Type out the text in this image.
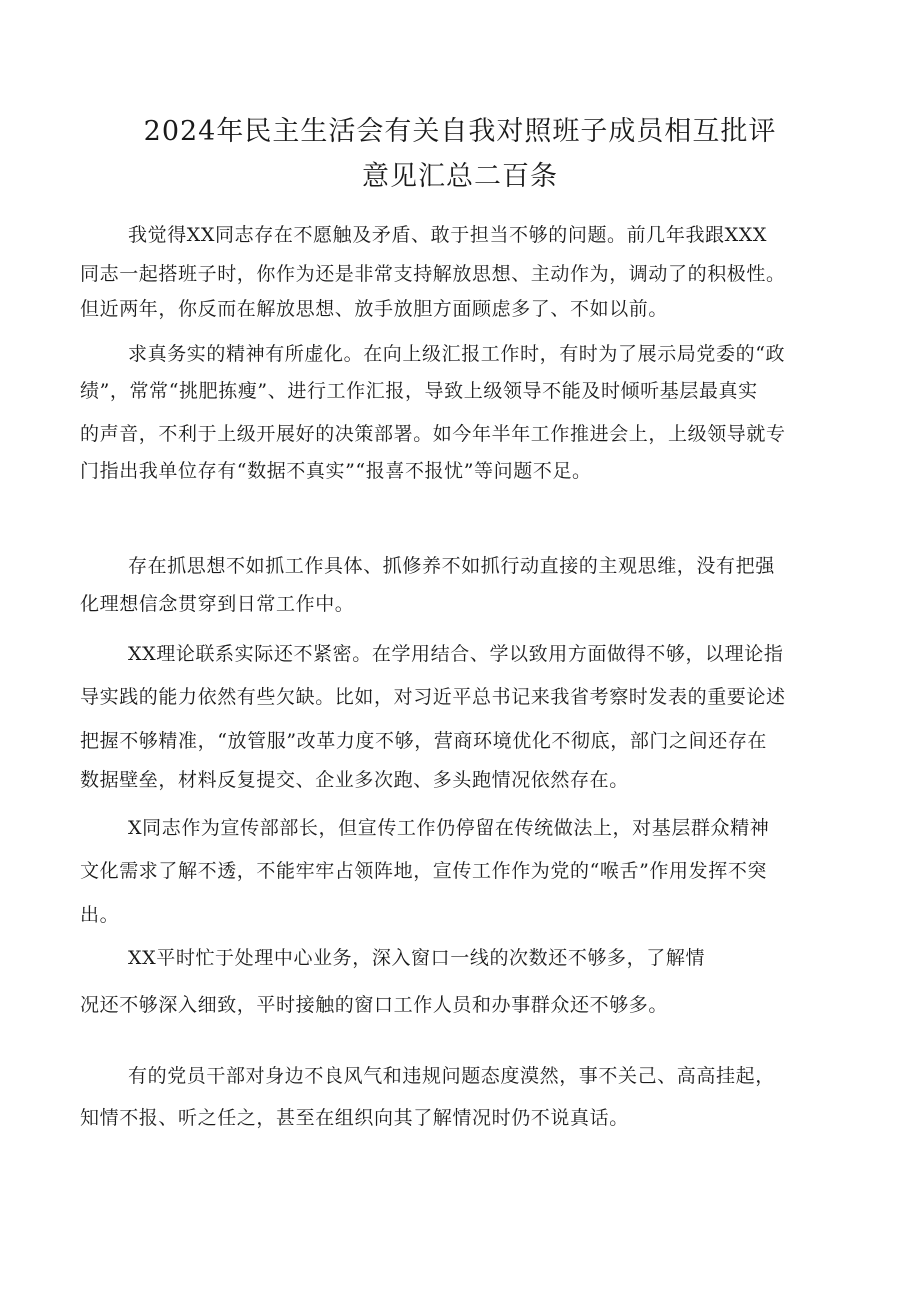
2024年民主生活会有关自我对照班子成员相互批评
意见汇总二百条
我觉得XX同志存在不愿触及矛盾、敢于担当不够的问题。前几年我跟XXX
同志一起搭班子时，你作为还是非常支持解放思想、主动作为，调动了的积极性。
但近两年，你反而在解放思想、放手放胆方面顾虑多了、不如以前。
求真务实的精神有所虚化。在向上级汇报工作时，有时为了展示局党委的“政
绩”，常常“挑肥拣瘦”、进行工作汇报，导致上级领导不能及时倾听基层最真实
的声音，不利于上级开展好的决策部署。如今年半年工作推进会上，上级领导就专
门指出我单位存有“数据不真实”“报喜不报忧”等问题不足。
存在抓思想不如抓工作具体、抓修养不如抓行动直接的主观思维，没有把强
化理想信念贯穿到日常工作中。
XX理论联系实际还不紧密。在学用结合、学以致用方面做得不够，以理论指
导实践的能力依然有些欠缺。比如，对习近平总书记来我省考察时发表的重要论述
把握不够精准，“放管服”改革力度不够，营商环境优化不彻底，部门之间还存在
数据壁垒，材料反复提交、企业多次跑、多头跑情况依然存在。
X同志作为宣传部部长，但宣传工作仍停留在传统做法上，对基层群众精神
文化需求了解不透，不能牢牢占领阵地，宣传工作作为党的“喉舌”作用发挥不突
出。
XX平时忙于处理中心业务，深入窗口一线的次数还不够多，了解情
况还不够深入细致，平时接触的窗口工作人员和办事群众还不够多。
有的党员干部对身边不良风气和违规问题态度漠然，事不关己、高高挂起，
知情不报、听之任之，甚至在组织向其了解情况时仍不说真话。
